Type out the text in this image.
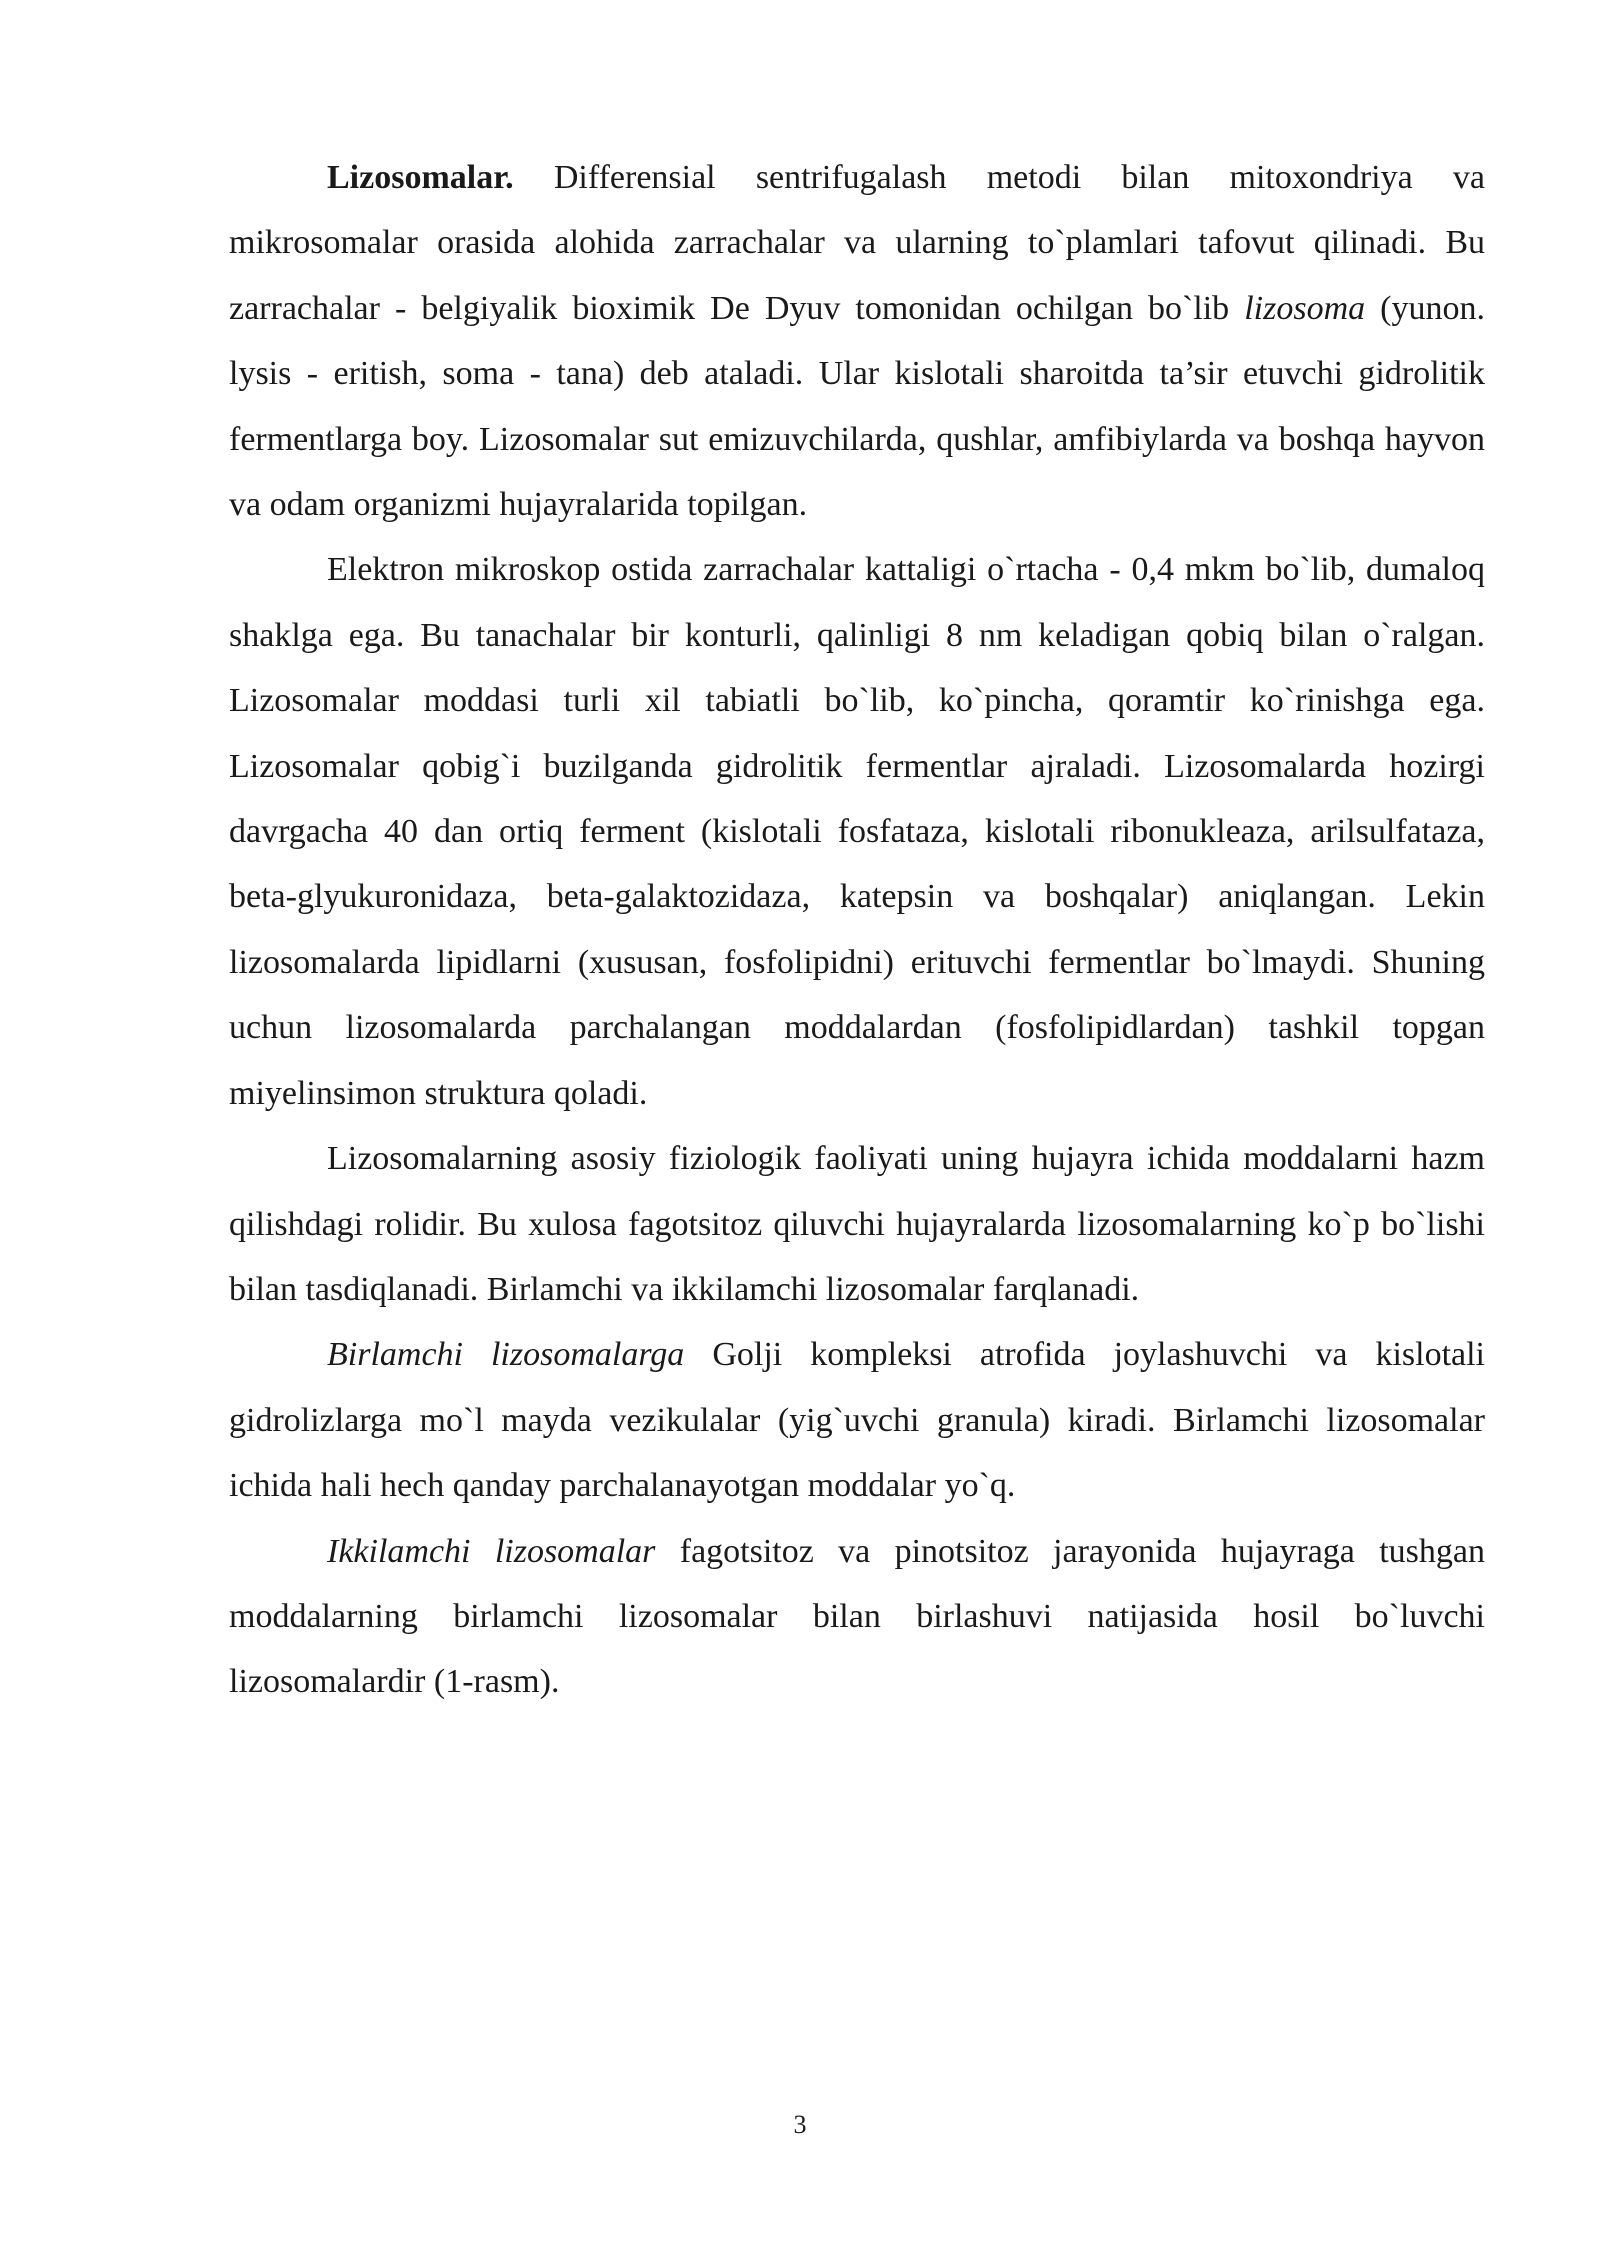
Lizosomalar. Differensial sentrifugalash metodi bilan mitoxondriya va mikrosomalar orasida alohida zarrachalar va ularning to`plamlari tafovut qilinadi. Bu zarrachalar - belgiyalik bioximik De Dyuv tomonidan ochilgan bo`lib lizosoma (yunon. lysis - eritish, soma - tana) deb ataladi. Ular kislotali sharoitda ta’sir etuvchi gidrolitik fermentlarga boy. Lizosomalar sut emizuvchilarda, qushlar, amfibiylarda va boshqa hayvon va odam organizmi hujayralarida topilgan.

Elektron mikroskop ostida zarrachalar kattaligi o`rtacha - 0,4 mkm bo`lib, dumaloq shaklga ega. Bu tanachalar bir konturli, qalinligi 8 nm keladigan qobiq bilan o`ralgan. Lizosomalar moddasi turli xil tabiatli bo`lib, ko`pincha, qoramtir ko`rinishga ega. Lizosomalar qobig`i buzilganda gidrolitik fermentlar ajraladi. Lizosomalarda hozirgi davrgacha 40 dan ortiq ferment (kislotali fosfataza, kislotali ribonukleaza, arilsulfataza, beta-glyukuronidaza, beta-galaktozidaza, katepsin va boshqalar) aniqlangan. Lekin lizosomalarda lipidlarni (xususan, fosfolipidni) erituvchi fermentlar bo`lmaydi. Shuning uchun lizosomalarda parchalangan moddalardan (fosfolipidlardan) tashkil topgan miyelinsimon struktura qoladi.

Lizosomalarning asosiy fiziologik faoliyati uning hujayra ichida moddalarni hazm qilishdagi rolidir. Bu xulosa fagotsitoz qiluvchi hujayralarda lizosomalarning ko`p bo`lishi bilan tasdiqlanadi. Birlamchi va ikkilamchi lizosomalar farqlanadi.

Birlamchi lizosomalarga Golji kompleksi atrofida joylashuvchi va kislotali gidrolizlarga mo`l mayda vezikulalar (yig`uvchi granula) kiradi. Birlamchi lizosomalar ichida hali hech qanday parchalanayotgan moddalar yo`q.

Ikkilamchi lizosomalar fagotsitoz va pinotsitoz jarayonida hujayraga tushgan moddalarning birlamchi lizosomalar bilan birlashuvi natijasida hosil bo`luvchi lizosomalardir (1-rasm).

3
